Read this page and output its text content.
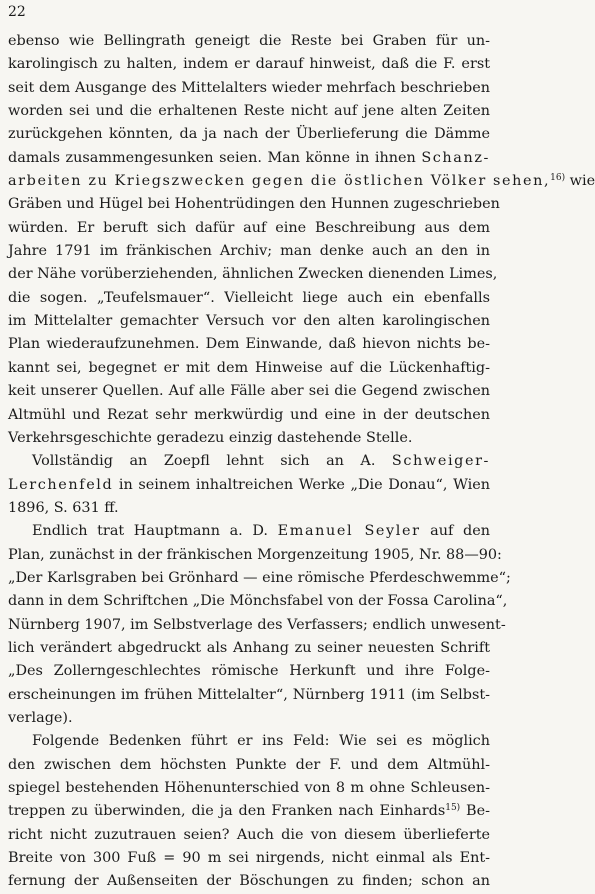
22
ebenso wie Bellingrath geneigt die Reste bei Graben für un-
karolingisch zu halten, indem er darauf hinweist, daß die F. erst
seit dem Ausgange des Mittelalters wieder mehrfach beschrieben
worden sei und die erhaltenen Reste nicht auf jene alten Zeiten
zurückgehen könnten, da ja nach der Überlieferung die Dämme
damals zusammengesunken seien. Man könne in ihnen Schanz-
arbeiten zu Kriegszwecken gegen die östlichen Völker sehen,$^{16)}$ wie
Gräben und Hügel bei Hohentrüdingen den Hunnen zugeschrieben
würden. Er beruft sich dafür auf eine Beschreibung aus dem
Jahre 1791 im fränkischen Archiv; man denke auch an den in
der Nähe vorüberziehenden, ähnlichen Zwecken dienenden Limes,
die sogen. „Teufelsmauer“. Vielleicht liege auch ein ebenfalls
im Mittelalter gemachter Versuch vor den alten karolingischen
Plan wiederaufzunehmen. Dem Einwande, daß hievon nichts be-
kannt sei, begegnet er mit dem Hinweise auf die Lückenhaftig-
keit unserer Quellen. Auf alle Fälle aber sei die Gegend zwischen
Altmühl und Rezat sehr merkwürdig und eine in der deutschen
Verkehrsgeschichte geradezu einzig dastehende Stelle.
Vollständig an Zoepfl lehnt sich an A. Schweiger-
Lerchenfeld in seinem inhaltreichen Werke „Die Donau“, Wien
1896, S. 631 ff.
Endlich trat Hauptmann a. D. Emanuel Seyler auf den
Plan, zunächst in der fränkischen Morgenzeitung 1905, Nr. 88—90:
„Der Karlsgraben bei Grönhard — eine römische Pferdeschwemme“;
dann in dem Schriftchen „Die Mönchsfabel von der Fossa Carolina“,
Nürnberg 1907, im Selbstverlage des Verfassers; endlich unwesent-
lich verändert abgedruckt als Anhang zu seiner neuesten Schrift
„Des Zollerngeschlechtes römische Herkunft und ihre Folge-
erscheinungen im frühen Mittelalter“, Nürnberg 1911 (im Selbst-
verlage).
Folgende Bedenken führt er ins Feld: Wie sei es möglich
den zwischen dem höchsten Punkte der F. und dem Altmühl-
spiegel bestehenden Höhenunterschied von 8 m ohne Schleusen-
treppen zu überwinden, die ja den Franken nach Einhards$^{15)}$ Be-
richt nicht zuzutrauen seien? Auch die von diesem überlieferte
Breite von 300 Fuß = 90 m sei nirgends, nicht einmal als Ent-
fernung der Außenseiten der Böschungen zu finden; schon an
